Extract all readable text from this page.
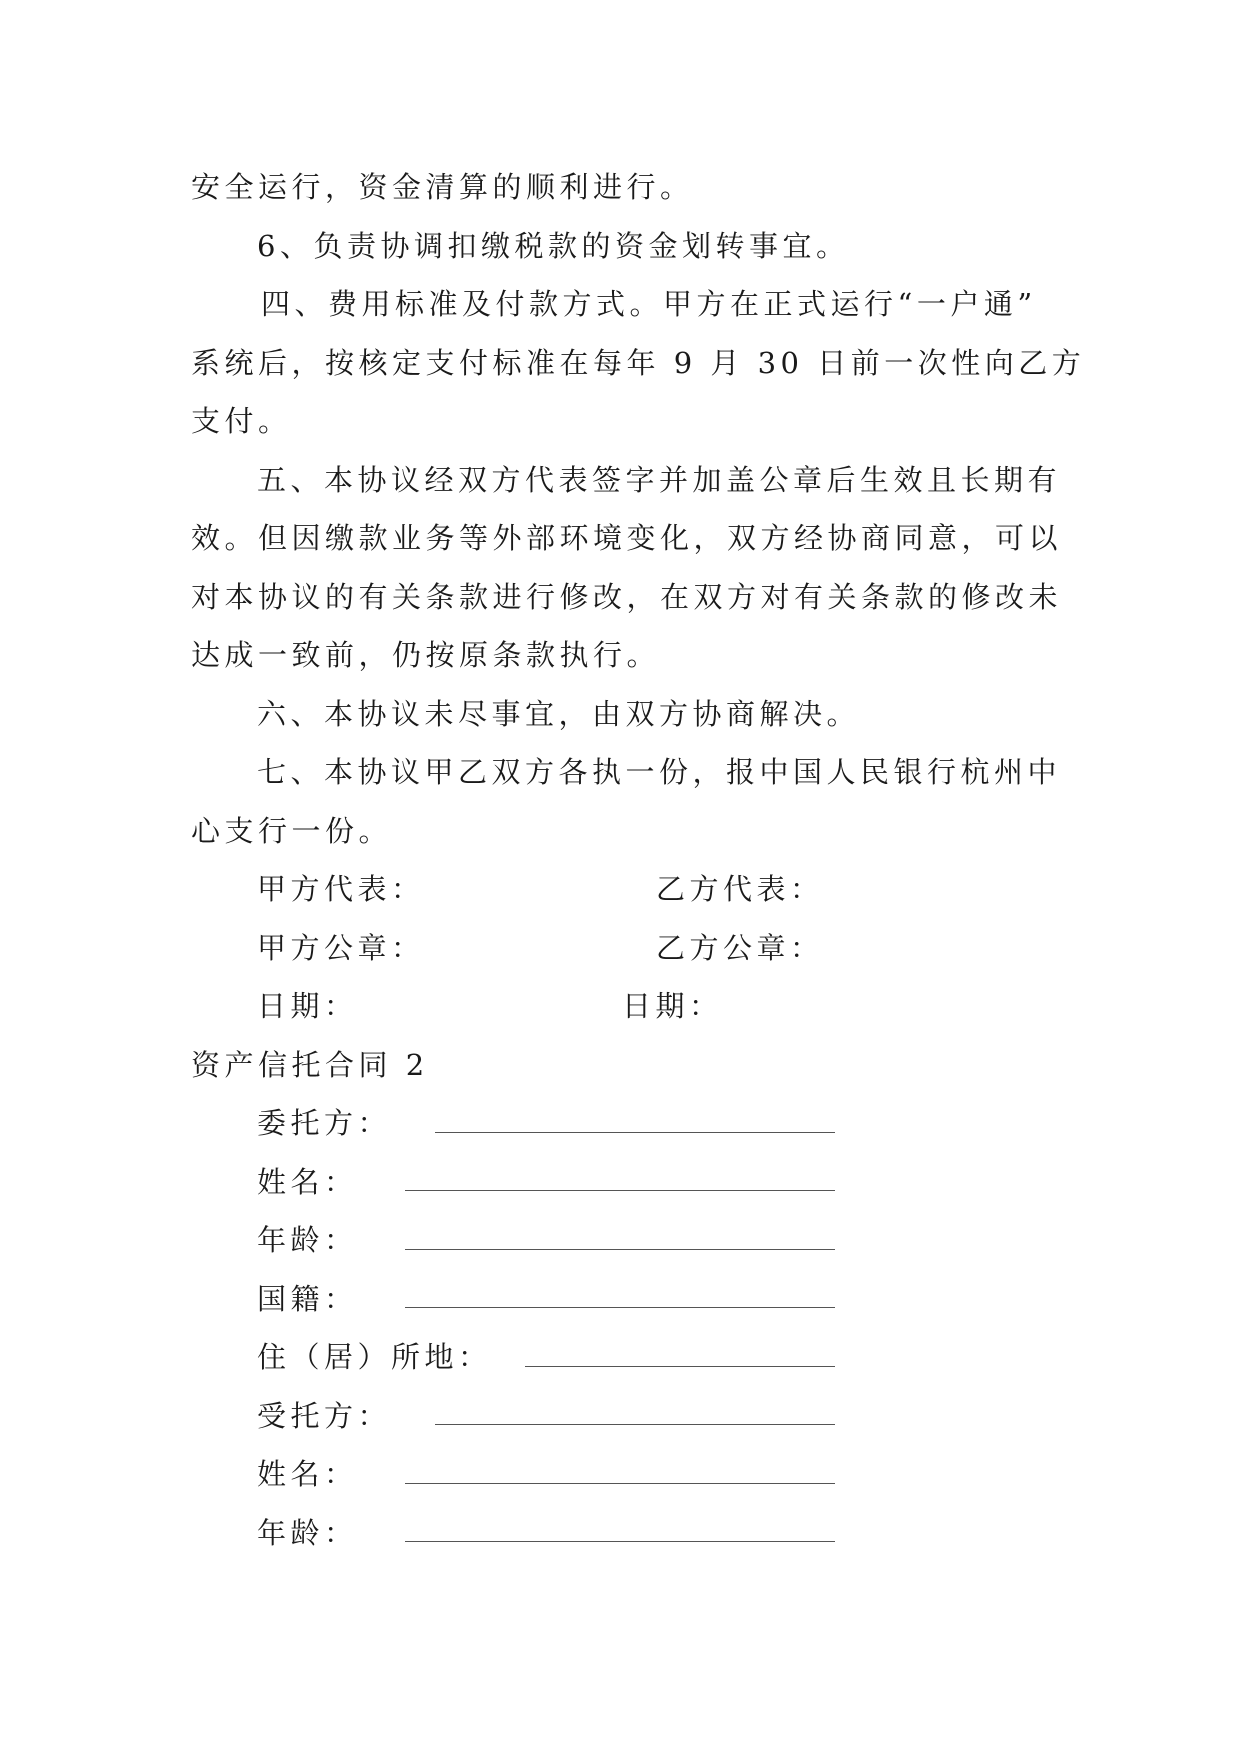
安全运行，资金清算的顺利进行。
6、负责协调扣缴税款的资金划转事宜。
四、费用标准及付款方式。甲方在正式运行“一户通”
系统后，按核定支付标准在每年 9 月 30 日前一次性向乙方
支付。
五、本协议经双方代表签字并加盖公章后生效且长期有
效。但因缴款业务等外部环境变化，双方经协商同意，可以
对本协议的有关条款进行修改，在双方对有关条款的修改未
达成一致前，仍按原条款执行。
六、本协议未尽事宜，由双方协商解决。
七、本协议甲乙双方各执一份，报中国人民银行杭州中
心支行一份。
甲方代表：	乙方代表：
甲方公章：	乙方公章：
日期：	日期：
资产信托合同 2
委托方：
姓名：
年龄：
国籍：
住（居）所地：
受托方：
姓名：
年龄：
